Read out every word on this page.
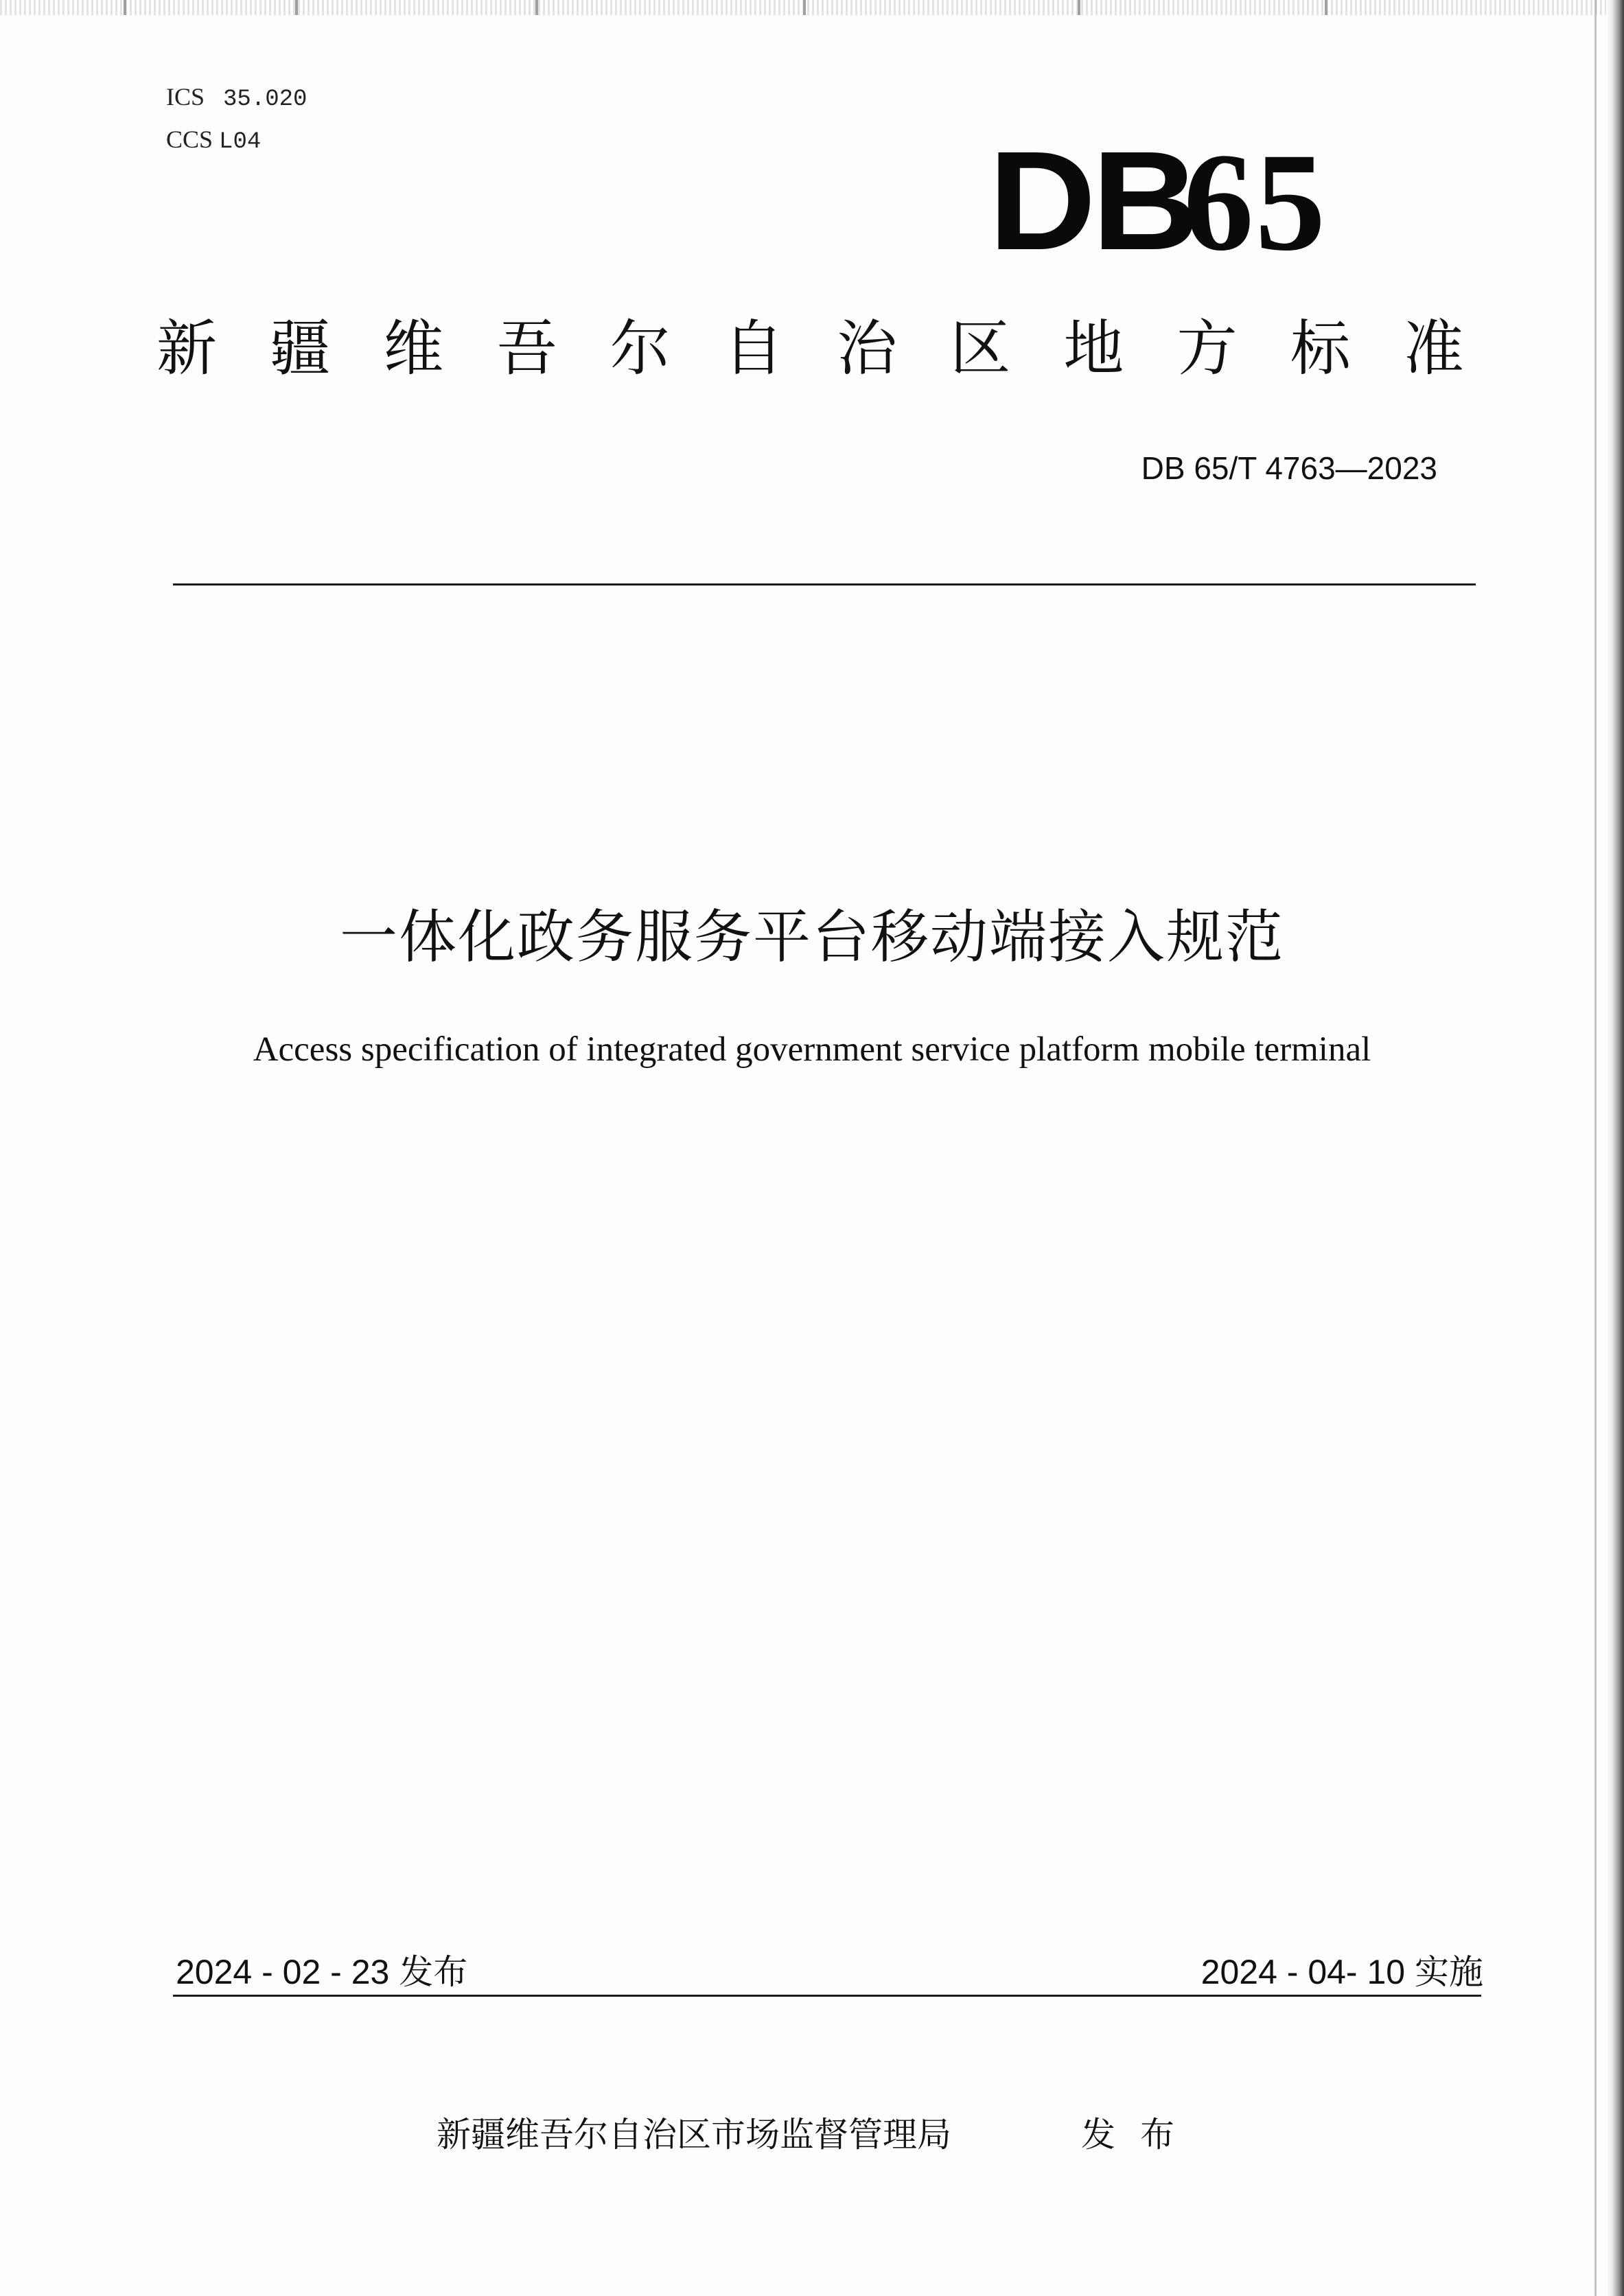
ICS 35.020
CCS L04	DB65
新 疆 维 吾 尔 自 治 区 地 方 标 准
DB 65/T 4763—2023
一体化政务服务平台移动端接入规范
Access specification of integrated government service platform mobile terminal
2024 - 02 - 23 发布	2024 - 04- 10 实施
新疆维吾尔自治区市场监督管理局	发布
